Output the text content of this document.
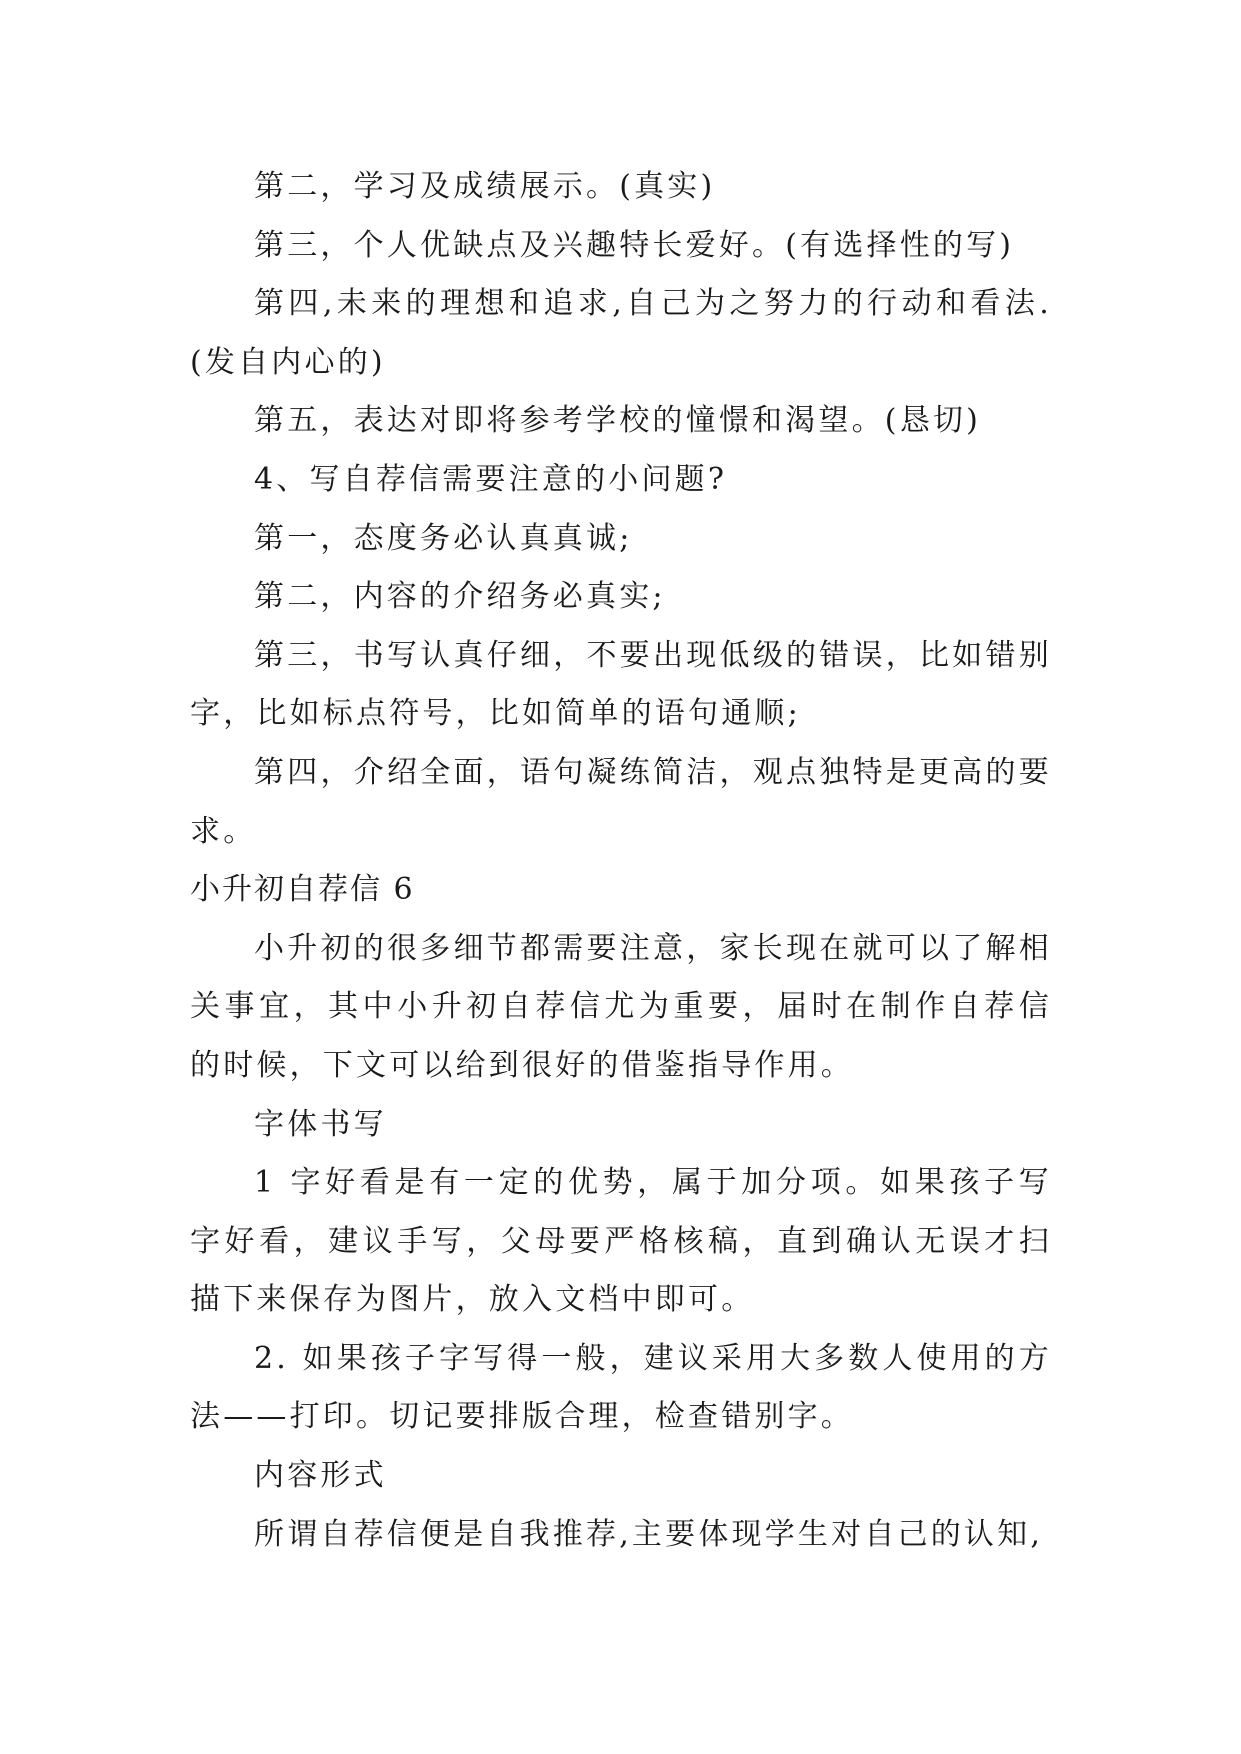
第二，学习及成绩展示。(真实)

第三，个人优缺点及兴趣特长爱好。(有选择性的写)

第四,未来的理想和追求,自己为之努力的行动和看法.(发自内心的)

第五，表达对即将参考学校的憧憬和渴望。(恳切)

4、写自荐信需要注意的小问题?

第一，态度务必认真真诚;

第二，内容的介绍务必真实;

第三，书写认真仔细，不要出现低级的错误，比如错别字，比如标点符号，比如简单的语句通顺;

第四，介绍全面，语句凝练简洁，观点独特是更高的要求。

小升初自荐信 6

小升初的很多细节都需要注意，家长现在就可以了解相关事宜，其中小升初自荐信尤为重要，届时在制作自荐信的时候，下文可以给到很好的借鉴指导作用。

字体书写

1 字好看是有一定的优势，属于加分项。如果孩子写字好看，建议手写，父母要严格核稿，直到确认无误才扫描下来保存为图片，放入文档中即可。

2. 如果孩子字写得一般，建议采用大多数人使用的方法——打印。切记要排版合理，检查错别字。

内容形式

所谓自荐信便是自我推荐,主要体现学生对自己的认知,
